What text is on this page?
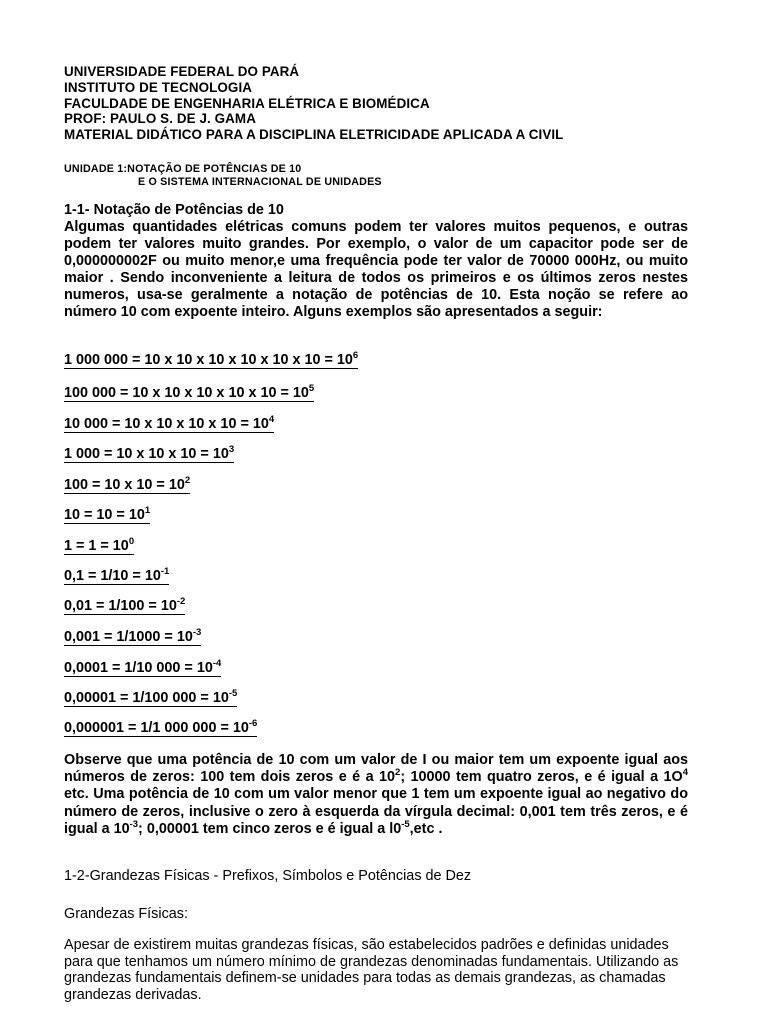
UNIVERSIDADE FEDERAL DO PARÁ
INSTITUTO DE TECNOLOGIA
FACULDADE DE ENGENHARIA ELÉTRICA E BIOMÉDICA
PROF: PAULO S. DE J. GAMA
MATERIAL DIDÁTICO PARA A DISCIPLINA ELETRICIDADE APLICADA A CIVIL
UNIDADE 1:NOTAÇÃO DE POTÊNCIAS DE 10
E O SISTEMA INTERNACIONAL DE UNIDADES
1-1- Notação de Potências de 10
Algumas quantidades elétricas comuns podem ter valores muitos pequenos, e outras podem ter valores muito grandes. Por exemplo, o valor de um capacitor pode ser de 0,000000002F ou muito menor,e uma frequência pode ter valor de 70000 000Hz, ou muito maior . Sendo inconveniente a leitura de todos os primeiros e os últimos zeros nestes numeros, usa-se geralmente a notação de potências de 10. Esta noção se refere ao número 10 com expoente inteiro. Alguns exemplos são apresentados a seguir:
1 000 000 = 10 x 10 x 10 x 10 x 10 x $10 = 10^6$
100 000 = 10 x 10 x 10 x 10 x $10 = 10^5$
10 000 = 10 x 10 x 10 x $10 = 10^4$
1 000 = 10 x 10 x $10 = 10^3$
100 = 10 x $10 = 10^2$
$10 = 10 = 10^1$
$1 = 1 = 10^0$
$0,1 = 1/10 = 10^{-1}$
$0,01 = 1/100 = 10^{-2}$
$0,001 = 1/1000 = 10^{-3}$
0,0001 = 1/10 $000 = 10^{-4}$
0,00001 = 1/100 $000 = 10^{-5}$
0,000001 = 1/1 000 $000 = 10^{-6}$
Observe que uma potência de 10 com um valor de I ou maior tem um expoente igual aos números de zeros: 100 tem dois zeros e é a $10^2$; 10000 tem quatro zeros, e é igual a $1O^4$ etc. Uma potência de 10 com um valor menor que 1 tem um expoente igual ao negativo do número de zeros, inclusive o zero à esquerda da vírgula decimal: 0,001 tem três zeros, e é igual a $10^{-3}$; 0,00001 tem cinco zeros e é igual a $l0^{-5},etc$ .
1-2-Grandezas Físicas - Prefixos, Símbolos e Potências de Dez
Grandezas Físicas:
Apesar de existirem muitas grandezas físicas, são estabelecidos padrões e definidas unidades para que tenhamos um número mínimo de grandezas denominadas fundamentais. Utilizando as grandezas fundamentais definem-se unidades para todas as demais grandezas, as chamadas grandezas derivadas.
